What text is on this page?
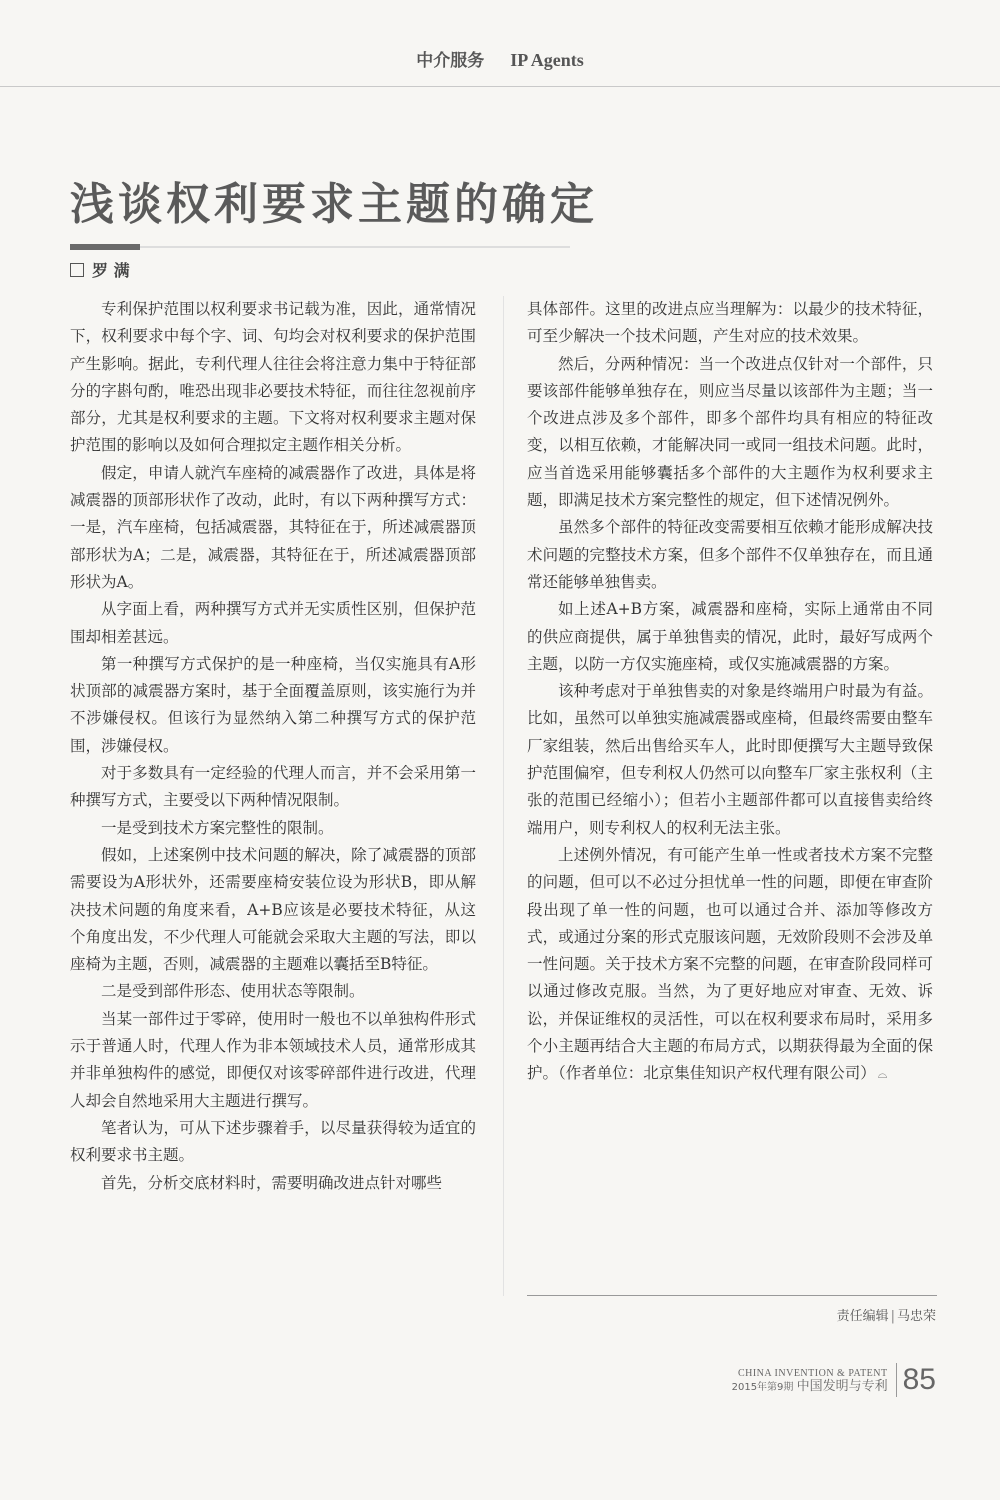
中介服务 IP Agents
浅谈权利要求主题的确定
罗 满

专利保护范围以权利要求书记载为准，因此，通常情况下，权利要求中每个字、词、句均会对权利要求的保护范围产生影响。据此，专利代理人往往会将注意力集中于特征部分的字斟句酌，唯恐出现非必要技术特征，而往往忽视前序部分，尤其是权利要求的主题。下文将对权利要求主题对保护范围的影响以及如何合理拟定主题作相关分析。

假定，申请人就汽车座椅的减震器作了改进，具体是将减震器的顶部形状作了改动，此时，有以下两种撰写方式：一是，汽车座椅，包括减震器，其特征在于，所述减震器顶部形状为A；二是，减震器，其特征在于，所述减震器顶部形状为A。

从字面上看，两种撰写方式并无实质性区别，但保护范围却相差甚远。

第一种撰写方式保护的是一种座椅，当仅实施具有A形状顶部的减震器方案时，基于全面覆盖原则，该实施行为并不涉嫌侵权。但该行为显然纳入第二种撰写方式的保护范围，涉嫌侵权。

对于多数具有一定经验的代理人而言，并不会采用第一种撰写方式，主要受以下两种情况限制。

一是受到技术方案完整性的限制。

假如，上述案例中技术问题的解决，除了减震器的顶部需要设为A形状外，还需要座椅安装位设为形状B，即从解决技术问题的角度来看，A+B应该是必要技术特征，从这个角度出发，不少代理人可能就会采取大主题的写法，即以座椅为主题，否则，减震器的主题难以囊括至B特征。

二是受到部件形态、使用状态等限制。

当某一部件过于零碎，使用时一般也不以单独构件形式示于普通人时，代理人作为非本领域技术人员，通常形成其并非单独构件的感觉，即便仅对该零碎部件进行改进，代理人却会自然地采用大主题进行撰写。

笔者认为，可从下述步骤着手，以尽量获得较为适宜的权利要求书主题。

首先，分析交底材料时，需要明确改进点针对哪些

具体部件。这里的改进点应当理解为：以最少的技术特征，可至少解决一个技术问题，产生对应的技术效果。

然后，分两种情况：当一个改进点仅针对一个部件，只要该部件能够单独存在，则应当尽量以该部件为主题；当一个改进点涉及多个部件，即多个部件均具有相应的特征改变，以相互依赖，才能解决同一或同一组技术问题。此时，应当首选采用能够囊括多个部件的大主题作为权利要求主题，即满足技术方案完整性的规定，但下述情况例外。

虽然多个部件的特征改变需要相互依赖才能形成解决技术问题的完整技术方案，但多个部件不仅单独存在，而且通常还能够单独售卖。

如上述A+B方案，减震器和座椅，实际上通常由不同的供应商提供，属于单独售卖的情况，此时，最好写成两个主题，以防一方仅实施座椅，或仅实施减震器的方案。

该种考虑对于单独售卖的对象是终端用户时最为有益。比如，虽然可以单独实施减震器或座椅，但最终需要由整车厂家组装，然后出售给买车人，此时即便撰写大主题导致保护范围偏窄，但专利权人仍然可以向整车厂家主张权利（主张的范围已经缩小）；但若小主题部件都可以直接售卖给终端用户，则专利权人的权利无法主张。

上述例外情况，有可能产生单一性或者技术方案不完整的问题，但可以不必过分担忧单一性的问题，即便在审查阶段出现了单一性的问题，也可以通过合并、添加等修改方式，或通过分案的形式克服该问题，无效阶段则不会涉及单一性问题。关于技术方案不完整的问题，在审查阶段同样可以通过修改克服。当然，为了更好地应对审查、无效、诉讼，并保证维权的灵活性，可以在权利要求布局时，采用多个小主题再结合大主题的布局方式，以期获得最为全面的保护。（作者单位：北京集佳知识产权代理有限公司） ⌓

责任编辑 | 马忠荣
CHINA INVENTION & PATENT
2015年第9期 中国发明与专利 85
